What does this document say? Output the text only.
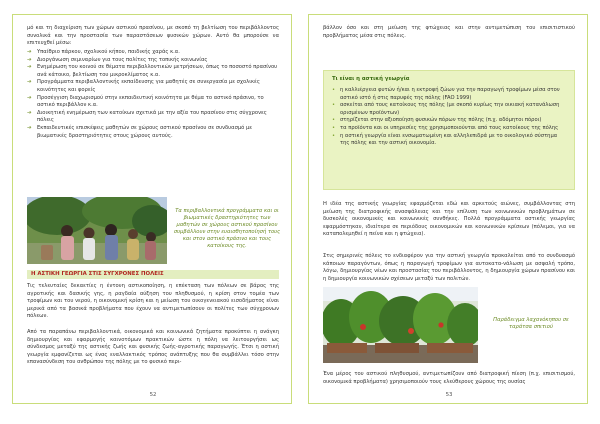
μό και τη διαχείριση των χώρων αστικού πρασίνου, με σκοπό τη βελτίωση του περιβάλλοντος συνολικά και την προστασία των παραστάσεων φυσικών χώρων. Αυτό θα μπορούσε να επιτευχθεί μέσω:
➔ Υπαίθριο πάρκου, σχολικού κήπου, παιδικής χαράς κ.α.
➔ Διοργάνωση σεμιναρίων για τους πολίτες της τοπικής κοινωνίας
➔ Ενημέρωση του κοινού σε θέματα περιβαλλοντικών μετρήσεων, όπως το ποσοστό πρασίνου ανά κάτοικο, βελτίωση του μικροκλίματος κ.α.
➔ Προγράμματα περιβαλλοντικής εκπαίδευσης για μαθητές σε συνεργασία με σχολικές κοινότητες και φορείς
➔ Προσέγγιση διαχωρισμού στην εκπαιδευτική κοινότητα με θέμα το αστικό πράσινο, το αστικό περιβάλλον κ.α.
➔ Διοικητική ενημέρωση των κατοίκων σχετικά με την αξία του πρασίνου στις σύγχρονες πόλεις
➔ Εκπαιδευτικές επισκέψεις μαθητών σε χώρους αστικού πρασίνου σε συνδυασμό με βιωματικές δραστηριότητες στους χώρους αυτούς.
Τα περιβαλλοντικά προγράμματα και οι βιωματικές δραστηριότητες των μαθητών σε χώρους αστικού πρασίνου συμβάλλουν στην ευαισθητοποίησή τους και στον αστικό πράσινο και τους κατοίκους της.
Η ΑΣΤΙΚΗ ΓΕΩΡΓΙΑ ΣΤΙΣ ΣΥΓΧΡΟΝΕΣ ΠΟΛΕΙΣ
Τις τελευταίες δεκαετίες η έντονη αστικοποίηση, η επέκταση των πόλεων σε βάρος της αγροτικής και δασικής γης, η ραγδαία αύξηση του πληθυσμού, η κρίση στον τομέα των τροφίμων και του νερού, η οικονομική κρίση και η μείωση του οικογενειακού εισοδήματος είναι μερικά από τα βασικά προβλήματα που έχουν να αντιμετωπίσουν οι πολίτες των σύγχρονων πόλεων.
Από τα παραπάνω περιβαλλοντικά, οικονομικά και κοινωνικά ζητήματα προκύπτει η ανάγκη δημιουργίας και εφαρμογής καινοτόμων πρακτικών ώστε η πόλη να λειτουργήσει ως σύνδεσμος μεταξύ της αστικής ζωής και φυσικής ζωής-αγροτικής παραγωγής. Έτσι η αστική γεωργία εμφανίζεται ως ένας εναλλακτικός τρόπος ανάπτυξης που θα συμβάλλει τόσο στην επανασύνδεση του ανθρώπου της πόλης με το φυσικό περι-
52
βάλλον όσο και στη μείωση της φτώχειας και στην αντιμετώπιση του επισιτιστικού προβλήματος μέσα στις πόλεις.
Τι είναι η αστική γεωργία
• η καλλιέργεια φυτών ή/και η εκτροφή ζώων για την παραγωγή τροφίμων μέσα στον αστικό ιστό ή στις παρυφές της πόλης (FAO 1999)
• ασκείται από τους κατοίκους της πόλης (με σκοπό κυρίως την οικιακή κατανάλωση ορισμένων προϊόντων)
• στηρίζεται στην αξιοποίηση φυσικών πόρων της πόλης (π.χ. αδόμητοι πόροι)
• τα προϊόντα και οι υπηρεσίες της χρησιμοποιούνται από τους κατοίκους της πόλης
• η αστική γεωργία είναι ενσωματωμένη και αλληλεπιδρά με το οικολογικό σύστημα της πόλης και την αστική οικονομία.
Η ιδέα της αστικής γεωργίας εφαρμόζεται εδώ και αρκετούς αιώνες, συμβάλλοντας στη μείωση της διατροφικής ανασφάλειας και την επίλυση των κοινωνικών προβλημάτων σε δυσκολές οικονομικές και κοινωνικές συνθήκες. Πολλά προγράμματα αστικής γεωργίας εφαρμόστηκαν, ιδιαίτερα σε περιόδους οικονομικών και κοινωνικών κρίσεων (πόλεμοι, για να καταπολεμηθεί η πείνα και η φτώχεια).
Στις σημερινές πόλεις το ενδιαφέρον για την αστική γεωργία προκαλείται από το συνδυασμό κάποιων παραγόντων, όπως η παραγωγή τροφίμων για αυτοκατα-νάλωση με ασφαλή τρόπο, λόγω, δημιουργίας νέων και προστασίας του περιβάλλοντος, η δημιουργία χώρων πρασίνου και η δημιουργία κοινωνικών σχέσεων μεταξύ των πολιτών.
Παράδειγμα λαχανόκηπου σε ταράτσα σπιτιού
Ένα μέρος του αστικού πληθυσμού, αντιμετωπίζουν από διατροφική πίεση (π.χ. επισιτισμού, οικονομικά προβλήματα) χρησιμοποιούν τους ελεύθερους χώρους της ουσίας
53
